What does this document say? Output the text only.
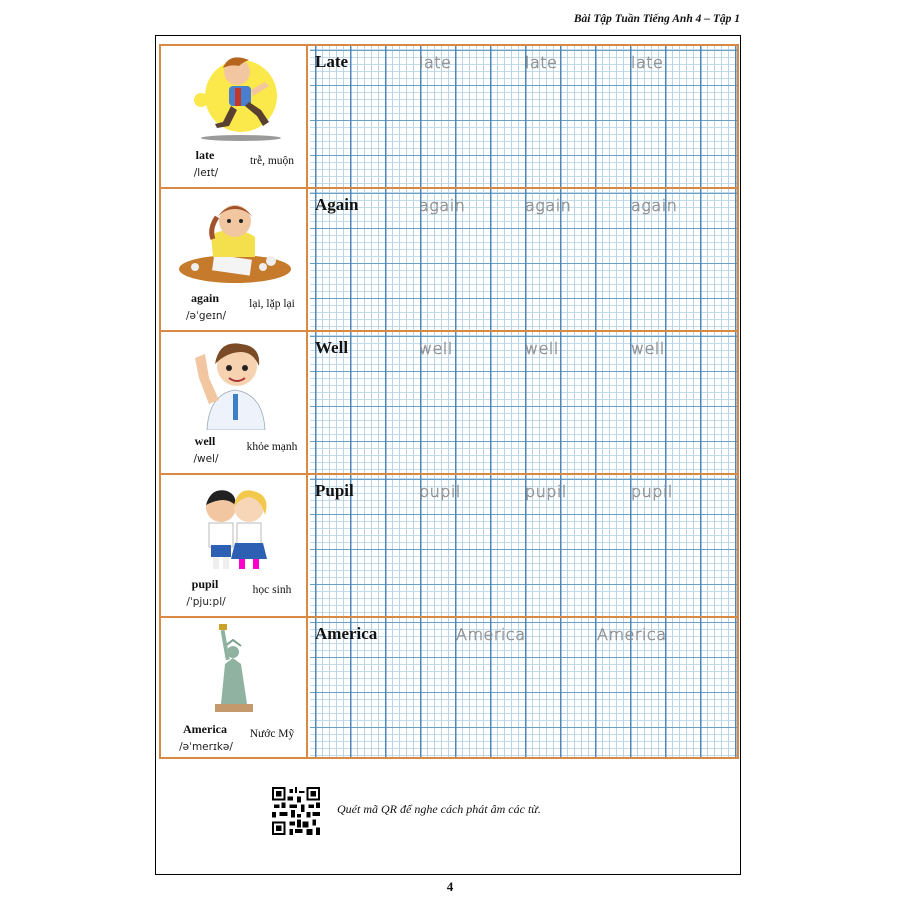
Bài Tập Tuần Tiếng Anh 4 – Tập 1
late
/leɪt/
trễ, muộn
Late	late	late	late
again
/əˈgeɪn/
lại, lặp lại
Again	again	again	again
well
/wel/
khỏe mạnh
Well	well	well	well
pupil
/ˈpjuːpl/
học sinh
Pupil	pupil	pupil	pupil
America
/əˈmerɪkə/
Nước Mỹ
America	America	America
Quét mã QR để nghe cách phát âm các từ.
4
